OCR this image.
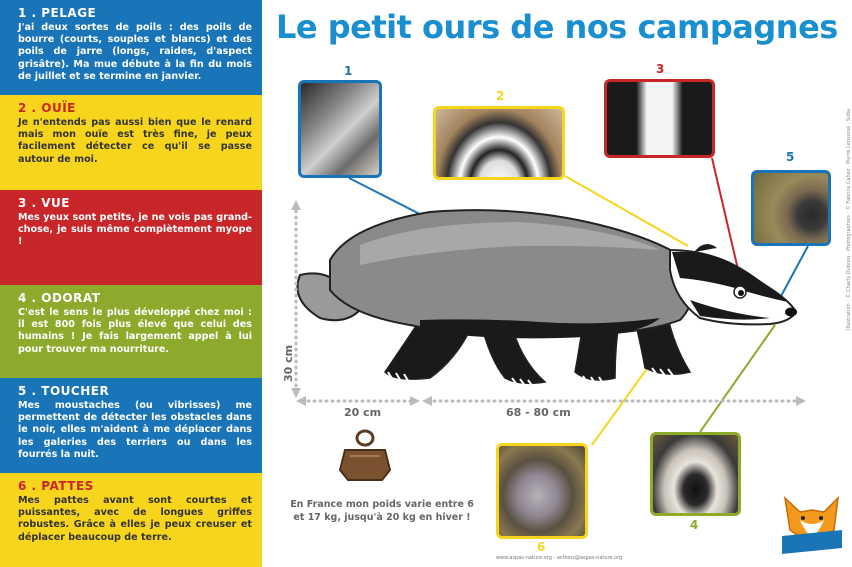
1 . PELAGE

J'ai deux sortes de poils : des poils de bourre (courts, souples et blancs) et des poils de jarre (longs, raides, d'aspect grisâtre). Ma mue débute à la fin du mois de juillet et se termine en janvier.

2 . OUÏE

Je n'entends pas aussi bien que le renard mais mon ouïe est très fine, je peux facilement détecter ce qu'il se passe autour de moi.

3 . VUE

Mes yeux sont petits, je ne vois pas grand-chose, je suis même complètement myope !

4 . ODORAT

C'est le sens le plus développé chez moi : il est 800 fois plus élevé que celui des humains ! Je fais largement appel à lui pour trouver ma nourriture.

5 . TOUCHER

Mes moustaches (ou vibrisses) me permettent de détecter les obstacles dans le noir, elles m'aident à me déplacer dans les galeries des terriers ou dans les fourrés la nuit.

6 . PATTES

Mes pattes avant sont courtes et puissantes, avec de longues griffes robustes. Grâce à elles je peux creuser et déplacer beaucoup de terre.

Le petit ours de nos campagnes
1
2
3
5
4
6
30 cm
20 cm	68 - 80 cm
En France mon poids varie entre 6 et 17 kg, jusqu'à 20 kg en hiver !
www.aspas-nature.org - actions@aspas-nature.org
Illustration : © Charly Dubreu · Photographies : © Fabrice Cahez · Pierre Lenvoisé · Sidla
